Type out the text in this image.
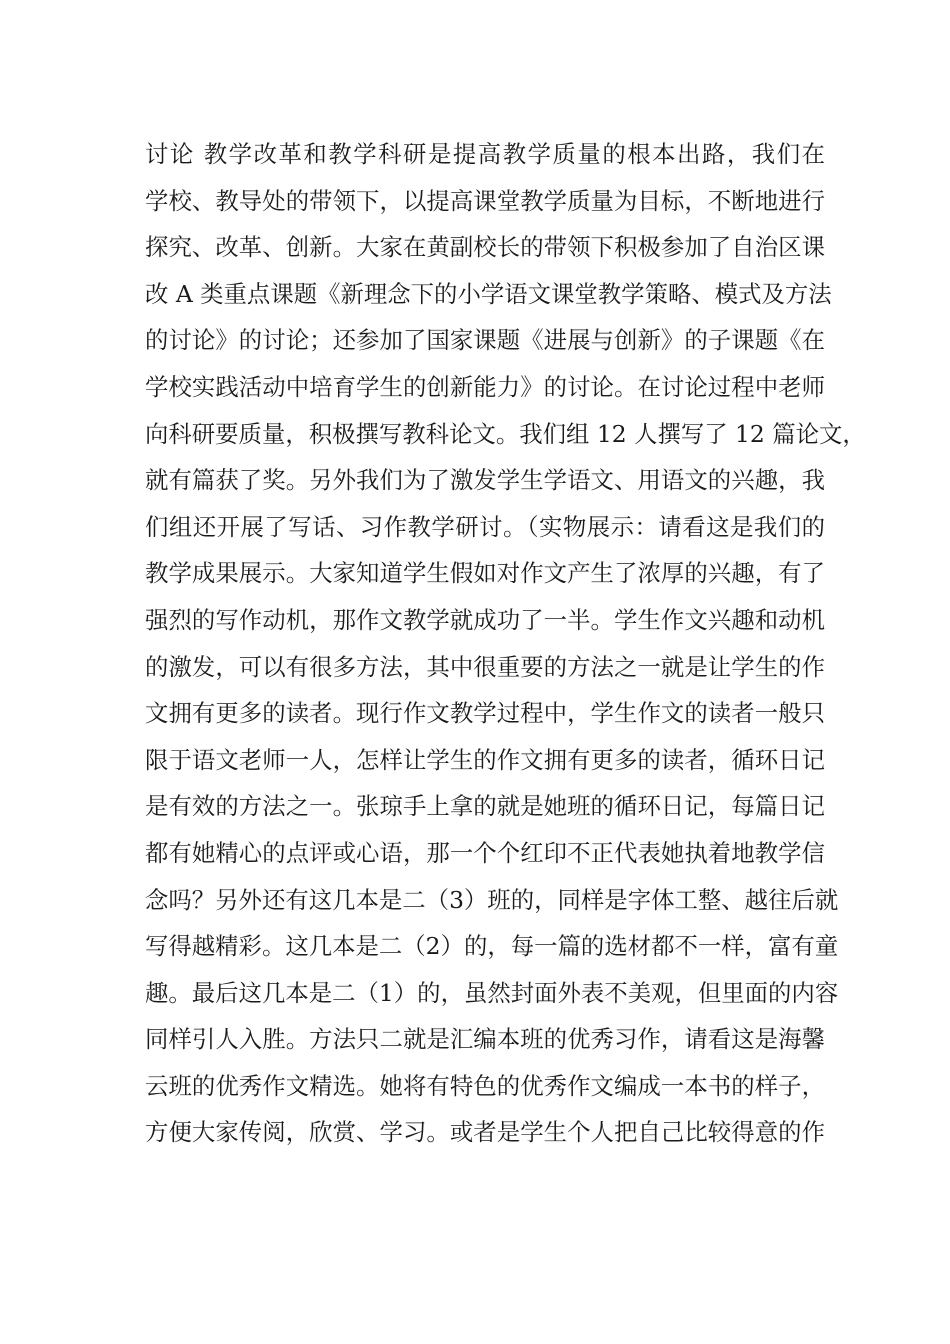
讨论 教学改革和教学科研是提高教学质量的根本出路，我们在
学校、教导处的带领下，以提高课堂教学质量为目标，不断地进行
探究、改革、创新。大家在黄副校长的带领下积极参加了自治区课
改 A 类重点课题《新理念下的小学语文课堂教学策略、模式及方法
的讨论》的讨论；还参加了国家课题《进展与创新》的子课题《在
学校实践活动中培育学生的创新能力》的讨论。在讨论过程中老师
向科研要质量，积极撰写教科论文。我们组 12 人撰写了 12 篇论文，
就有篇获了奖。另外我们为了激发学生学语文、用语文的兴趣，我
们组还开展了写话、习作教学研讨。（实物展示：请看这是我们的
教学成果展示。大家知道学生假如对作文产生了浓厚的兴趣，有了
强烈的写作动机，那作文教学就成功了一半。学生作文兴趣和动机
的激发，可以有很多方法，其中很重要的方法之一就是让学生的作
文拥有更多的读者。现行作文教学过程中，学生作文的读者一般只
限于语文老师一人，怎样让学生的作文拥有更多的读者，循环日记
是有效的方法之一。张琼手上拿的就是她班的循环日记，每篇日记
都有她精心的点评或心语，那一个个红印不正代表她执着地教学信
念吗？另外还有这几本是二（3）班的，同样是字体工整、越往后就
写得越精彩。这几本是二（2）的，每一篇的选材都不一样，富有童
趣。最后这几本是二（1）的，虽然封面外表不美观，但里面的内容
同样引人入胜。方法只二就是汇编本班的优秀习作，请看这是海馨
云班的优秀作文精选。她将有特色的优秀作文编成一本书的样子，
方便大家传阅，欣赏、学习。或者是学生个人把自己比较得意的作
